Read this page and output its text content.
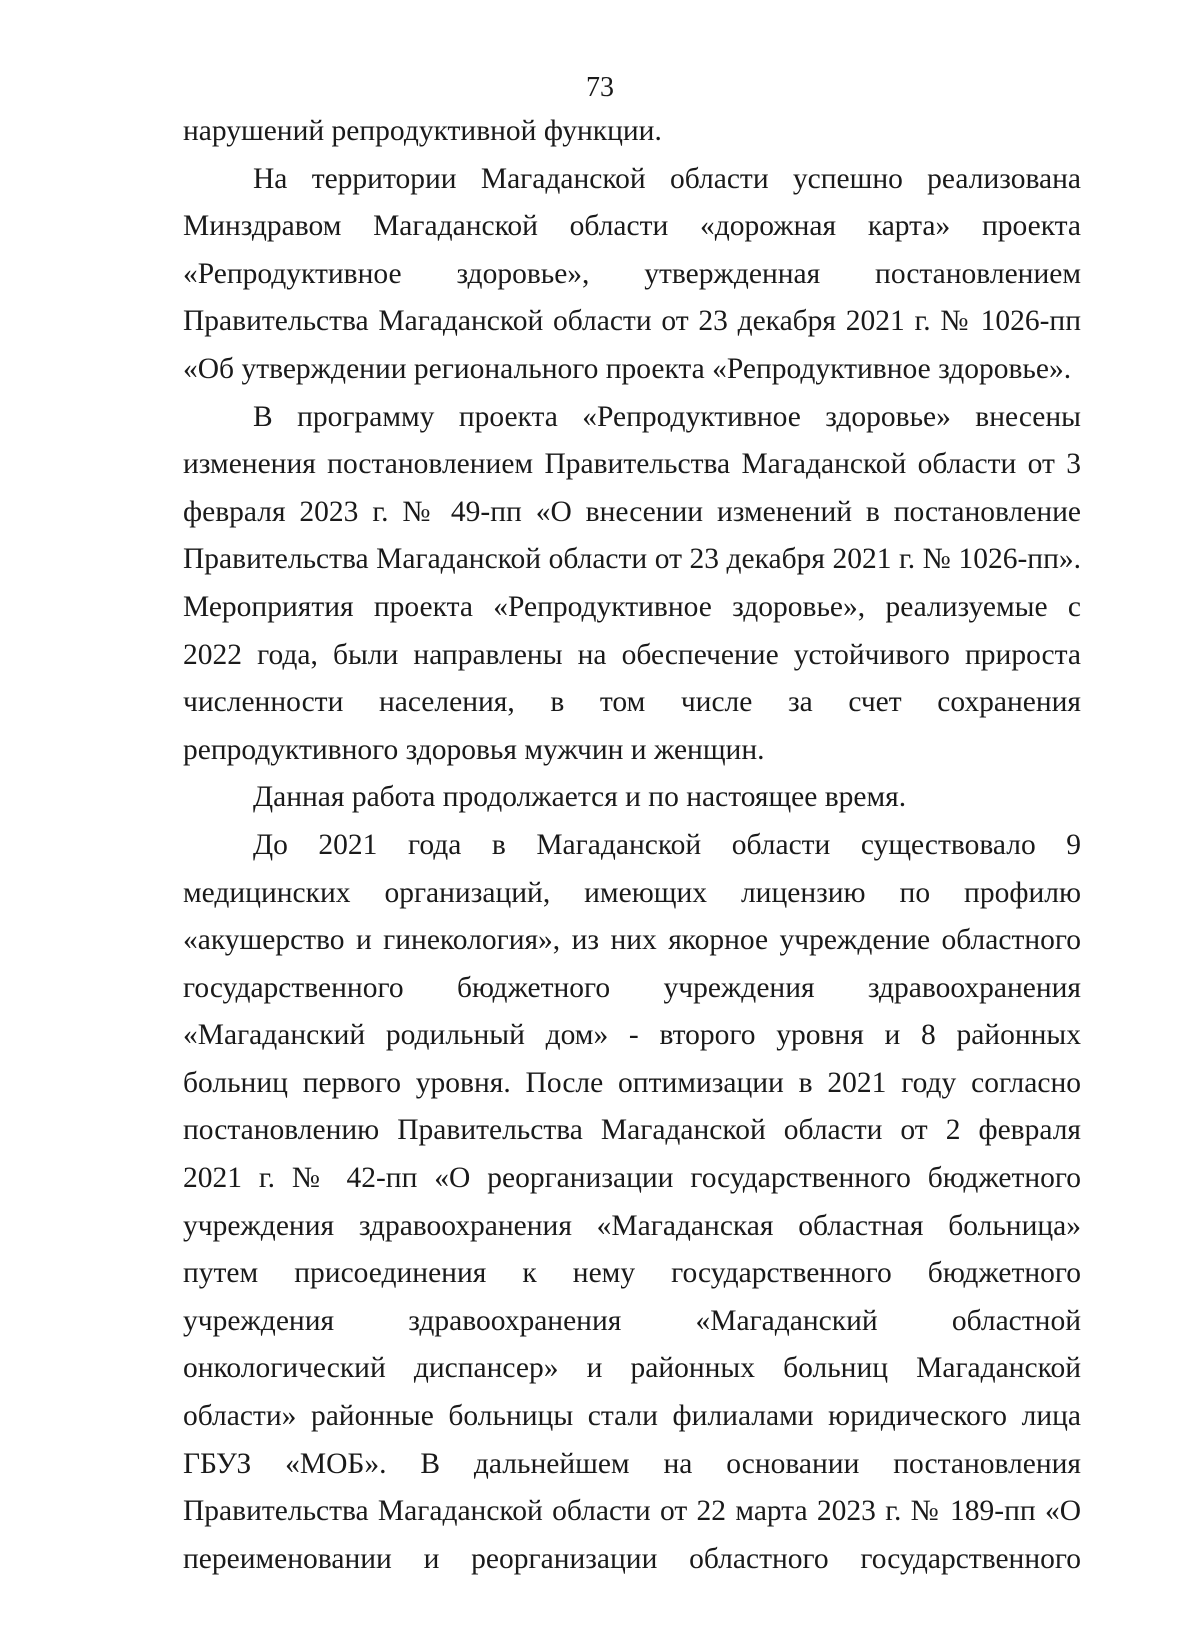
73

нарушений репродуктивной функции.

На территории Магаданской области успешно реализована Минздравом Магаданской области «дорожная карта» проекта «Репродуктивное здоровье», утвержденная постановлением Правительства Магаданской области от 23 декабря 2021 г. № 1026-пп «Об утверждении регионального проекта «Репродуктивное здоровье».

В программу проекта «Репродуктивное здоровье» внесены изменения постановлением Правительства Магаданской области от 3 февраля 2023 г. № 49-пп «О внесении изменений в постановление Правительства Магаданской области от 23 декабря 2021 г. № 1026-пп». Мероприятия проекта «Репродуктивное здоровье», реализуемые с 2022 года, были направлены на обеспечение устойчивого прироста численности населения, в том числе за счет сохранения репродуктивного здоровья мужчин и женщин.

Данная работа продолжается и по настоящее время.

До 2021 года в Магаданской области существовало 9 медицинских организаций, имеющих лицензию по профилю «акушерство и гинекология», из них якорное учреждение областного государственного бюджетного учреждения здравоохранения «Магаданский родильный дом» - второго уровня и 8 районных больниц первого уровня. После оптимизации в 2021 году согласно постановлению Правительства Магаданской области от 2 февраля 2021 г. № 42-пп «О реорганизации государственного бюджетного учреждения здравоохранения «Магаданская областная больница» путем присоединения к нему государственного бюджетного учреждения здравоохранения «Магаданский областной онкологический диспансер» и районных больниц Магаданской области» районные больницы стали филиалами юридического лица ГБУЗ «МОБ». В дальнейшем на основании постановления Правительства Магаданской области от 22 марта 2023 г. № 189-пп «О переименовании и реорганизации областного государственного
